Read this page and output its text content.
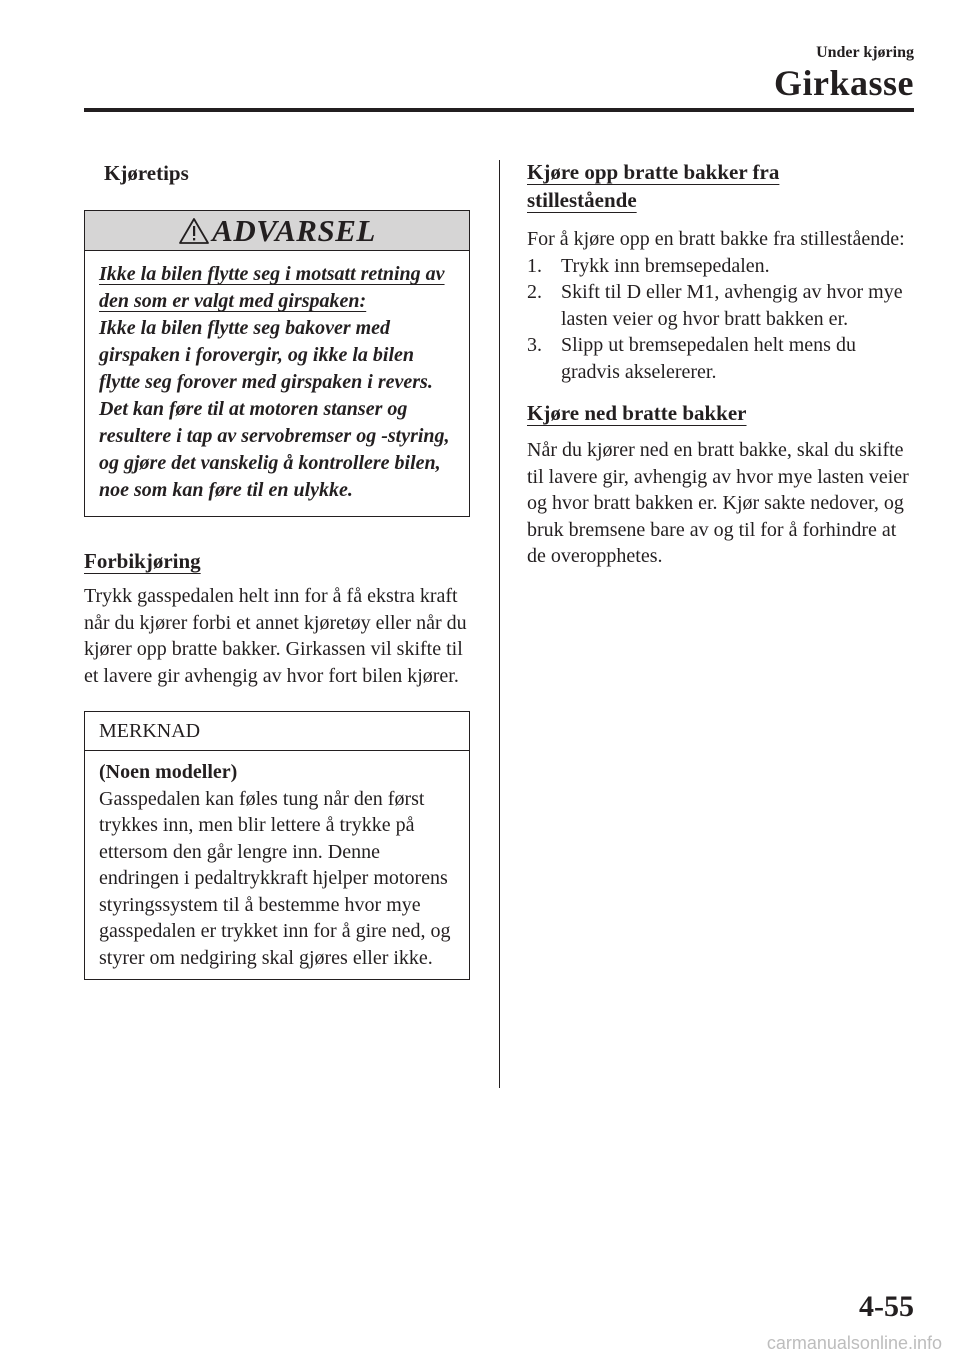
Under kjøring
Girkasse
Kjøretips
ADVARSEL
Ikke la bilen flytte seg i motsatt retning av den som er valgt med girspaken:
Ikke la bilen flytte seg bakover med girspaken i forovergir, og ikke la bilen flytte seg forover med girspaken i revers. Det kan føre til at motoren stanser og resultere i tap av servobremser og -styring, og gjøre det vanskelig å kontrollere bilen, noe som kan føre til en ulykke.
Forbikjøring

Trykk gasspedalen helt inn for å få ekstra kraft når du kjører forbi et annet kjøretøy eller når du kjører opp bratte bakker. Girkassen vil skifte til et lavere gir avhengig av hvor fort bilen kjører.

MERKNAD
(Noen modeller)
Gasspedalen kan føles tung når den først trykkes inn, men blir lettere å trykke på ettersom den går lengre inn. Denne endringen i pedaltrykkraft hjelper motorens styringssystem til å bestemme hvor mye gasspedalen er trykket inn for å gire ned, og styrer om nedgiring skal gjøres eller ikke.
Kjøre opp bratte bakker fra
stillestående

For å kjøre opp en bratt bakke fra stillestående:

1. Trykk inn bremsepedalen.
2. Skift til D eller M1, avhengig av hvor mye lasten veier og hvor bratt bakken er.
3. Slipp ut bremsepedalen helt mens du gradvis akselererer.
Kjøre ned bratte bakker

Når du kjører ned en bratt bakke, skal du skifte til lavere gir, avhengig av hvor mye lasten veier og hvor bratt bakken er. Kjør sakte nedover, og bruk bremsene bare av og til for å forhindre at de overopphetes.

4-55
carmanualsonline.info
